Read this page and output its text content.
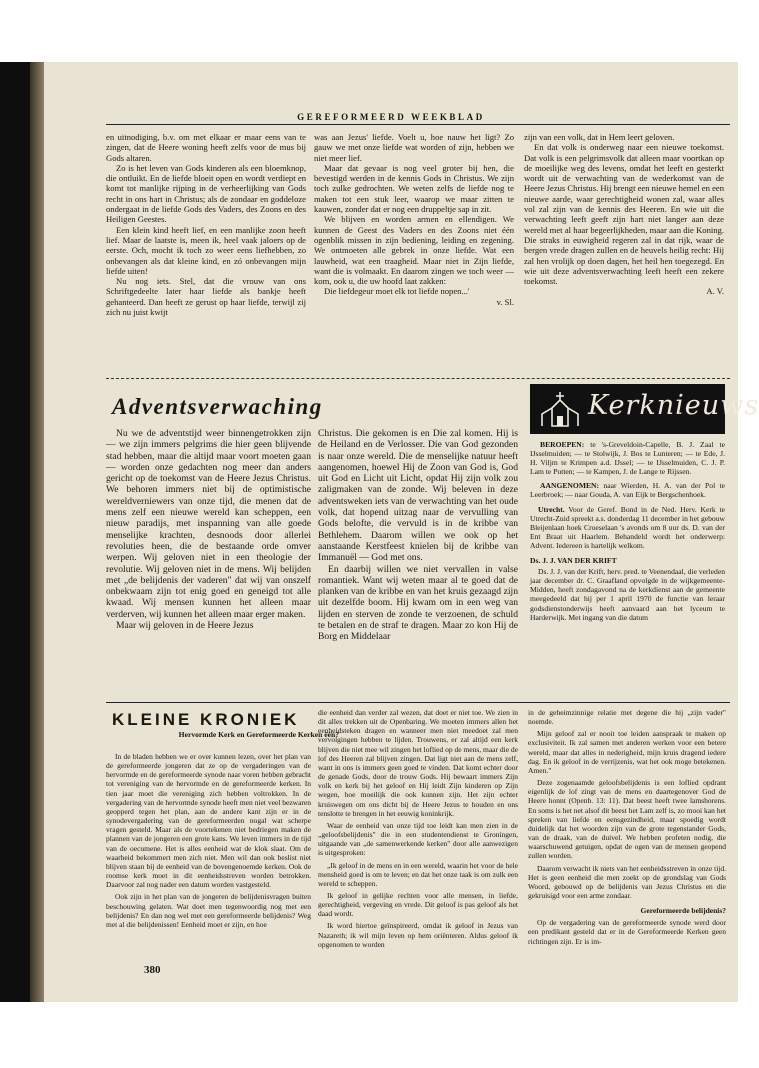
GEREFORMEERD WEEKBLAD

en uitnodiging, b.v. om met elkaar er maar eens van te zingen, dat de Heere woning heeft zelfs voor de mus bij Gods altaren.

Zo is het leven van Gods kinderen als een bloemknop, die ontluikt. En de liefde bloeit open en wordt verdiept en komt tot manlijke rijping in de verheerlijking van Gods recht in ons hart in Christus; als de zondaar en goddeloze ondergaat in de liefde Gods des Vaders, des Zoons en des Heiligen Geestes.

Een klein kind heeft lief, en een manlijke zoon heeft lief. Maar de laatste is, meen ik, heel vaak jaloers op de eerste. Och, mocht ik toch zo weer eens liefhebben, zo onbevangen als dat kleine kind, en zó onbevangen mijn liefde uiten!

Nu nog iets. Stel, dat die vrouw van ons Schriftgedeelte later haar liefde als bankje heeft gehanteerd. Dan heeft ze gerust op haar liefde, terwijl zij zich nu juist kwijt

was aan Jezus' liefde. Voelt u, hoe nauw het ligt? Zo gauw we met onze liefde wat worden of zijn, hebben we niet meer lief.

Maar dat gevaar is nog veel groter bij hen, die bevestigd werden in de kennis Gods in Christus. We zijn toch zulke gedrochten. We weten zelfs de liefde nog te maken tot een stuk leer, waarop we maar zitten te kauwen, zonder dat er nog een druppeltje sap in zit.

We blijven en worden armen en ellendigen. We kunnen de Geest des Vaders en des Zoons niet één ogenblik missen in zijn bediening, leiding en zegening. We ontmoeten alle gebrek in onze liefde. Wat een lauwheid, wat een traagheid. Maar niet in Zijn liefde, want die is volmaakt. En daarom zingen we toch weer — kom, ook u, die uw hoofd laat zakken:

Die liefdegeur moet elk tot liefde nopen...'

v. Sl.

zijn van een volk, dat in Hem leert geloven.

En dat volk is onderweg naar een nieuwe toekomst. Dat volk is een pelgrimsvolk dat alleen maar voortkan op de moeilijke weg des levens, omdat het leeft en gesterkt wordt uit de verwachting van de wederkomst van de Heere Jezus Christus. Hij brengt een nieuwe hemel en een nieuwe aarde, waar gerechtigheid wonen zal, waar alles vol zal zijn van de kennis des Heeren. En wie uit die verwachting leeft geeft zijn hart niet langer aan deze wereld met al haar begeerlijkheden, maar aan die Koning. Die straks in euwigheid regeren zal in dat rijk, waar de bergen vrede dragen zullen en de heuvels heilig recht: Hij zal hen vrolijk op doen dagen, het heil hen toegezegd. En wie uit deze adventsverwachting leeft heeft een zekere toekomst.

A. V.

Adventsverwaching

Nu we de adventstijd weer binnengetrokken zijn — we zijn immers pelgrims die hier geen blijvende stad hebben, maar die altijd maar voort moeten gaan — worden onze gedachten nog meer dan anders gericht op de toekomst van de Heere Jezus Christus. We behoren immers niet bij de optimistische wereldverniewers van onze tijd, die menen dat de mens zelf een nieuwe wereld kan scheppen, een nieuw paradijs, met inspanning van alle goede menselijke krachten, desnoods door allerlei revoluties heen, die de bestaande orde omver werpen. Wij geloven niet in een theologie der revolutie. Wij geloven niet in de mens. Wij belijden met „de belijdenis der vaderen" dat wij van onszelf onbekwaam zijn tot enig goed en geneigd tot alle kwaad. Wij mensen kunnen het alleen maar verderven, wij kunnen het alleen maar erger maken.

Maar wij geloven in de Heere Jezus

Christus. Die gekomen is en Die zal komen. Hij is de Heiland en de Verlosser. Die van God gezonden is naar onze wereld. Die de menselijke natuur heeft aangenomen, hoewel Hij de Zoon van God is, God uit God en Licht uit Licht, opdat Hij zijn volk zou zaligmaken van de zonde. Wij beleven in deze adventsweken iets van de verwachting van het oude volk, dat hopend uitzag naar de vervulling van Gods belofte, die vervuld is in de kribbe van Bethlehem. Daarom willen we ook op het aanstaande Kerstfeest knielen bij de kribbe van Immanuël — God met ons.

En daarbij willen we niet vervallen in valse romantiek. Want wij weten maar al te goed dat de planken van de kribbe en van het kruis gezaagd zijn uit dezelfde boom. Hij kwam om in een weg van lijden en sterven de zonde te verzoenen, de schuld te betalen en de straf te dragen. Maar zo kon Hij de Borg en Middelaar

Kerknieuws

BEROEPEN: te 's-Greveldoin-Capelle, B. J. Zaal te IJsselmuiden; — te Stolwijk, J. Bos te Lunteren; — te Ede, J. H. Viljm te Krimpen a.d. IJssel; — te IJsselmuiden, C. J. P. Lam te Putten; — te Kampen, J. de Lange te Rijssen.

AANGENOMEN: naar Wierden, H. A. van der Pol te Leerbroek; — naar Gouda, A. van Eijk te Bergschenhoek.

Utrecht. Voor de Geref. Bond in de Ned. Herv. Kerk te Utrecht-Zuid spreekt a.s. donderdag 11 december in het gebouw Bleijenlaan hoek Croeselaan 's avonds om 8 uur ds. D. van der Ent Braat uit Haarlem. Behandeld wordt het onderwerp: Advent. Iedereen is hartelijk welkom.

Ds. J. J. VAN DER KRIFT

Ds. J. J. van der Krift, herv. pred. te Veenendaal, die verleden jaar december dr. C. Graafland opvolgde in de wijkgemeente-Midden, heeft zondagavond na de kerkdienst aan de gemeente meegedeeld dat hij per 1 april 1970 de functie van leraar godsdienstonderwijs heeft aanvaard aan het lyceum te Harderwijk. Met ingang van die datum

KLEINE KRONIEK
Hervormde Kerk en Gereformeerde Kerken één?

In de bladen hebben we er over kunnen lezen, over het plan van de gereformeerde jongeren dat ze op de vergaderingen van de hervormde en de gereformeerde synode naar voren hebben gebracht tot vereniging van de hervormde en de gereformeerde kerken. In tien jaar moet die vereniging zich hebben voltrokken. In de vergadering van de hervormde synode heeft men niet veel bezwaren geopperd tegen het plan, aan de andere kant zijn er in de synodevergadering van de gereformeerden nogal wat scherpe vragen gesteld. Maar als de voortekenen niet bedriegen maken de plannen van de jongeren een grote kans. We leven immers in de tijd van de oecumene. Het is alles eenheid wat de klok slaat. Om de waarheid bekommert men zich niet. Men wil dan ook beslist niet blijven staan bij de eenheid van de bovengenoemde kerken. Ook de roomse kerk moet in dit eenheidsstreven worden betrokken. Daarvoor zal nog nader een datum worden vastgesteld.

Ook zijn in het plan van de jongeren de belijdenisvragen buiten beschouwing gelaten. Wat doet men tegenwoordig nog met een belijdenis? En dan nog wel met een gereformeerde belijdenis? Weg met al die belijdenissen! Eenheid moet er zijn, en hoe

die eenheid dan verder zal wezen, dat doet er niet toe. We zien in dit alles trekken uit de Openbaring. We moeten immers allen het eenheidsteken dragen en wanneer men niet meedoet zal men vervolgingen hebben te lijden. Trouwens, er zal altijd een kerk blijven die niet mee wil zingen het loflied op de mens, maar die de lof des Heeren zal blijven zingen. Dat ligt niet aan de mens zelf, want in ons is immers geen goed te vinden. Dat komt echter door de genade Gods, door de trouw Gods. Hij bewaart immers Zijn volk en kerk bij het geloof en Hij leidt Zijn kinderen op Zijn wegen, hoe moeilijk die ook kunnen zijn. Het zijn echter kruiswegen om ons dicht bij de Heere Jezus te houden en ons tenslotte te brengen in het eeuwig koninkrijk.

Waar de eenheid van onze tijd toe leidt kan men zien in de „geloofsbelijdenis" die in een studentendienst te Groningen, uitgaande van „de samenwerkende kerken" door alle aanwezigen is uitgesproken:

„Ik geloof in de mens en in een wereld, waarin het voor de hele mensheid goed is om te leven; en dat het onze taak is om zulk een wereld te scheppen.

Ik geloof in gelijke rechten voor alle mensen, in liefde, gerechtigheid, vergeving en vrede. Dit geloof is pas geloof als het daad wordt.

Ik word hiertoe geïnspireerd, omdat ik geloof in Jezus van Nazareth; ik wil mijn leven op hem oriënteren. Aldus geloof ik opgenomen te worden

in de geheimzinnige relatie met degene die hij „zijn vader" noemde.

Mijn geloof zal er nooit toe leiden aanspraak te maken op exclusiviteit. Ik zal samen met anderen werken voor een betere wereld, maar dat alles in nederigheid, mijn kruis dragend iedere dag. En ik geloof in de verrijzenis, wat het ook moge betekenen. Amen."

Deze zogenaamde geloofsbelijdenis is een loflied opdrant eigenlijk de lof zingt van de mens en daartegenover God de Heere honnt (Openb. 13: 11). Dat beest heeft twee lamshorens. En soms is het net alsof dit beest het Lam zelf is, zo mooi kan het spreken van liefde en eensgezindheid, maar spoedig wordt duidelijk dat het woorden zijn van de grote tegenstander Gods, van de draak, van de duivel. We hebben profeten nodig, die waarschuwend getuigen, opdat de ogen van de mensen geopend zullen worden.

Daarom verwacht ik niets van het eenheidsstreven in onze tijd. Het is geen eenheid die men zoekt op de grondslag van Gods Woord, gebouwd op de belijdenis van Jezus Christus en die gekruisigd voor een arme zondaar.

Gereformeerde belijdenis?

Op de vergadering van de gereformeerde synode werd door een predikant gesteld dat er in de Gereformeerde Kerken geen richtingen zijn. Er is im-

380
